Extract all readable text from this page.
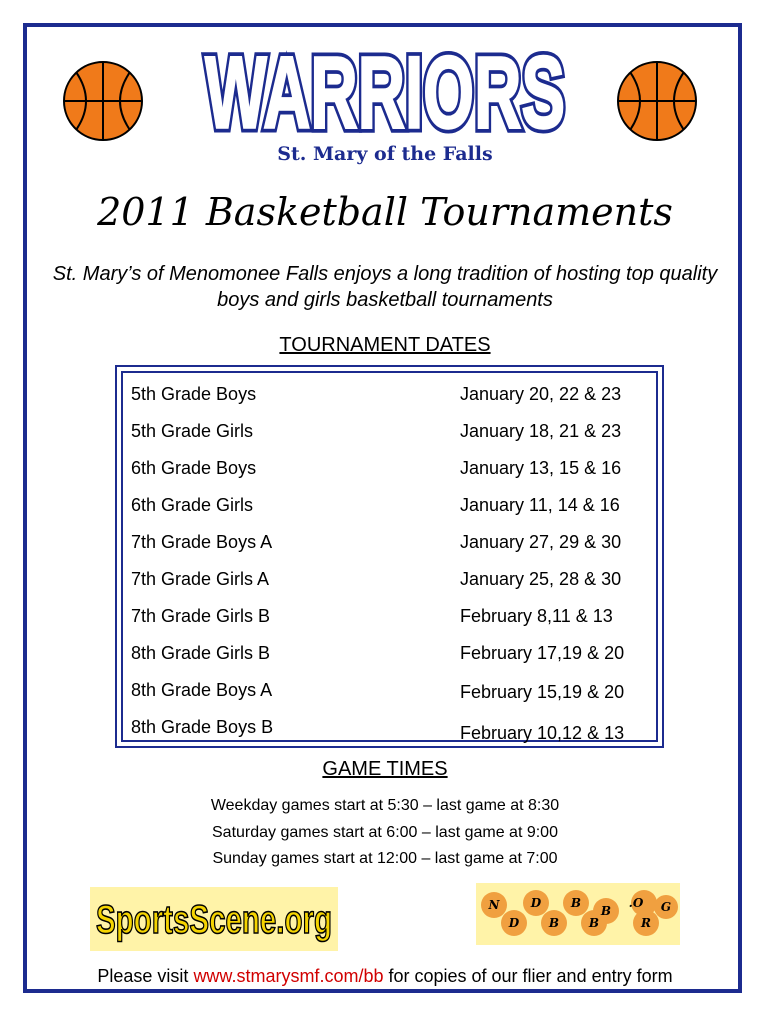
WARRIORS
WARRIORS
St. Mary of the Falls
2011 Basketball Tournaments
St. Mary’s of Menomonee Falls enjoys a long tradition of hosting top quality boys and girls basketball tournaments
TOURNAMENT DATES
5th Grade Boys	January 20, 22 & 23
5th Grade Girls	January 18, 21 & 23
6th Grade Boys	January 13, 15 & 16
6th Grade Girls	January 11, 14 & 16
7th Grade Boys A	January 27, 29 & 30
7th Grade Girls A	January 25, 28 & 30
7th Grade Girls B	February 8,11 & 13
8th Grade Girls B	February 17,19 & 20
8th Grade Boys A	February 15,19 & 20
8th Grade Boys B	February 10,12 & 13
GAME TIMES
Weekday games start at 5:30 – last game at 8:30
Saturday games start at 6:00 – last game at 9:00
Sunday games start at 12:00 – last game at 7:00
SportsScene.org	N	D B
B
.O
D B B	R
G
Please visit www.stmarysmf.com/bb for copies of our flier and entry form
